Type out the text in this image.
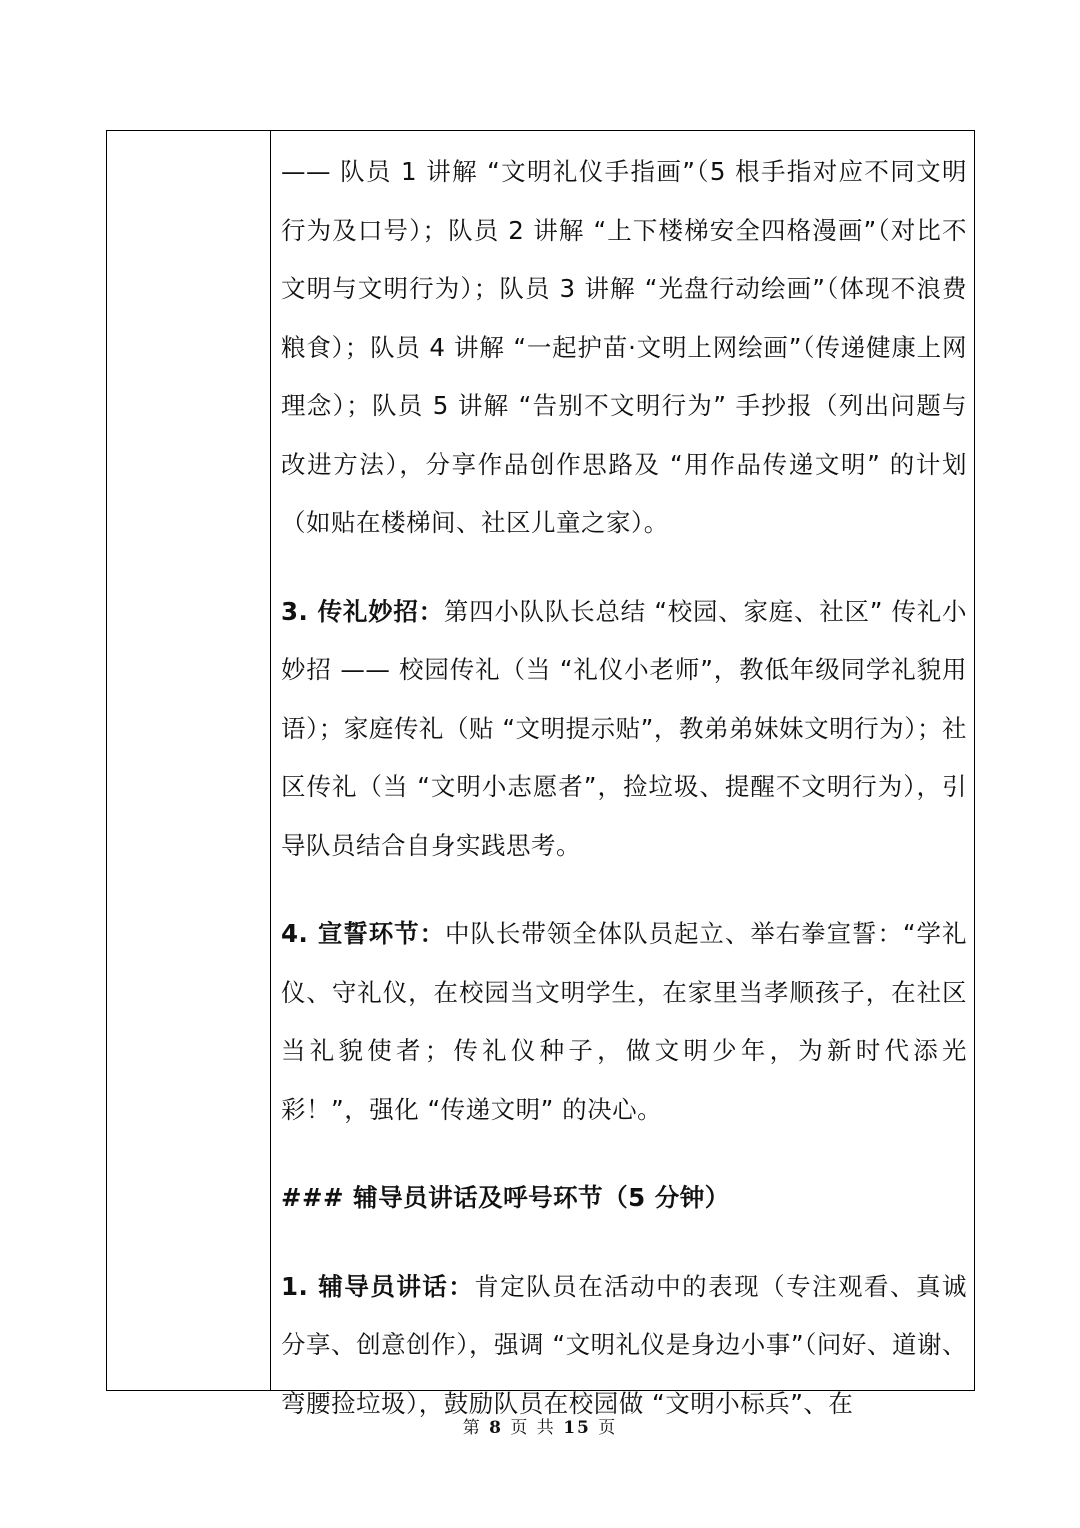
—— 队员 1 讲解 “文明礼仪手指画”（5 根手指对应不同文明行为及口号）；队员 2 讲解 “上下楼梯安全四格漫画”（对比不文明与文明行为）；队员 3 讲解 “光盘行动绘画”（体现不浪费粮食）；队员 4 讲解 “一起护苗·文明上网绘画”（传递健康上网理念）；队员 5 讲解 “告别不文明行为” 手抄报（列出问题与改进方法），分享作品创作思路及 “用作品传递文明” 的计划（如贴在楼梯间、社区儿童之家）。

3. 传礼妙招：第四小队队长总结 “校园、家庭、社区” 传礼小妙招 —— 校园传礼（当 “礼仪小老师”，教低年级同学礼貌用语）；家庭传礼（贴 “文明提示贴”，教弟弟妹妹文明行为）；社区传礼（当 “文明小志愿者”，捡垃圾、提醒不文明行为），引导队员结合自身实践思考。

4. 宣誓环节：中队长带领全体队员起立、举右拳宣誓：“学礼仪、守礼仪，在校园当文明学生，在家里当孝顺孩子，在社区当礼貌使者；传礼仪种子，做文明少年，为新时代添光彩！”，强化 “传递文明” 的决心。

### 辅导员讲话及呼号环节（5 分钟）

1. 辅导员讲话：肯定队员在活动中的表现（专注观看、真诚分享、创意创作），强调 “文明礼仪是身边小事”（问好、道谢、弯腰捡垃圾），鼓励队员在校园做 “文明小标兵”、在

第 8 页 共 15 页
